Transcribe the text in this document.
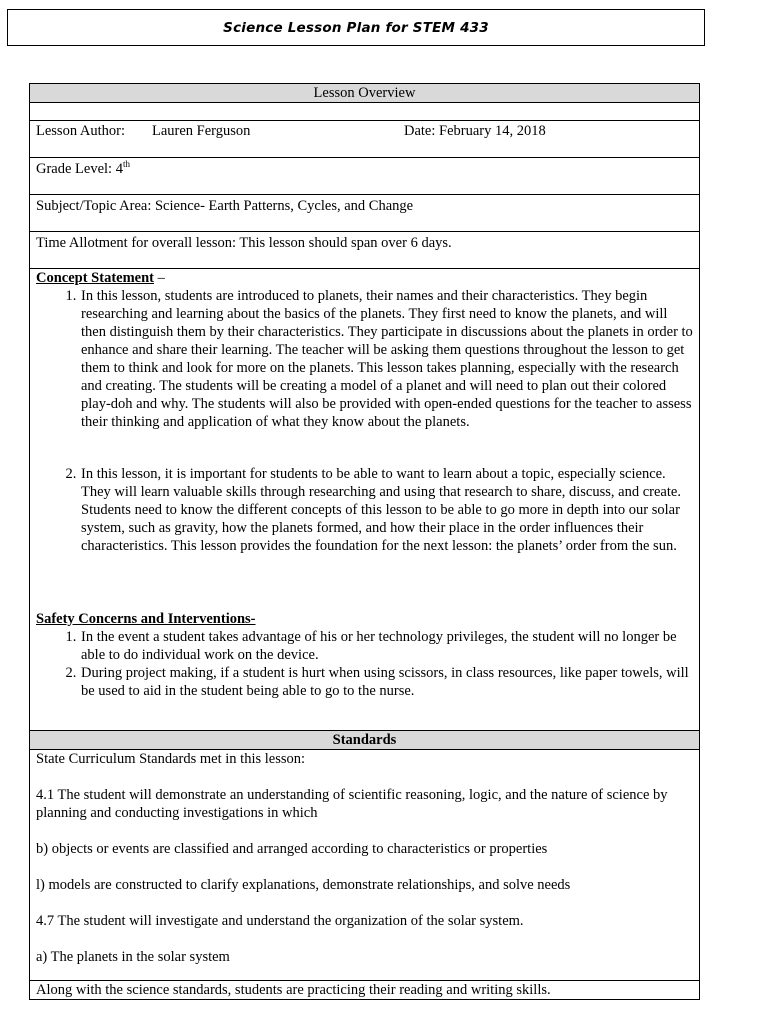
Science Lesson Plan for STEM 433
Lesson Overview

Lesson Author:	Lauren Ferguson	Date: February 14, 2018

Grade Level: 4th

Subject/Topic Area: Science- Earth Patterns, Cycles, and Change

Time Allotment for overall lesson: This lesson should span over 6 days.

Concept Statement –
1. In this lesson, students are introduced to planets, their names and their characteristics. They begin researching and learning about the basics of the planets. They first need to know the planets, and will then distinguish them by their characteristics. They participate in discussions about the planets in order to enhance and share their learning. The teacher will be asking them questions throughout the lesson to get them to think and look for more on the planets. This lesson takes planning, especially with the research and creating. The students will be creating a model of a planet and will need to plan out their colored play-doh and why. The students will also be provided with open-ended questions for the teacher to assess their thinking and application of what they know about the planets.
2. In this lesson, it is important for students to be able to want to learn about a topic, especially science. They will learn valuable skills through researching and using that research to share, discuss, and create. Students need to know the different concepts of this lesson to be able to go more in depth into our solar system, such as gravity, how the planets formed, and how their place in the order influences their characteristics. This lesson provides the foundation for the next lesson: the planets’ order from the sun.
Safety Concerns and Interventions-
1. In the event a student takes advantage of his or her technology privileges, the student will no longer be able to do individual work on the device.
2. During project making, if a student is hurt when using scissors, in class resources, like paper towels, will be used to aid in the student being able to go to the nurse.

Standards

State Curriculum Standards met in this lesson:

4.1 The student will demonstrate an understanding of scientific reasoning, logic, and the nature of science by planning and conducting investigations in which

b) objects or events are classified and arranged according to characteristics or properties

l) models are constructed to clarify explanations, demonstrate relationships, and solve needs

4.7 The student will investigate and understand the organization of the solar system.

a) The planets in the solar system

Along with the science standards, students are practicing their reading and writing skills.
